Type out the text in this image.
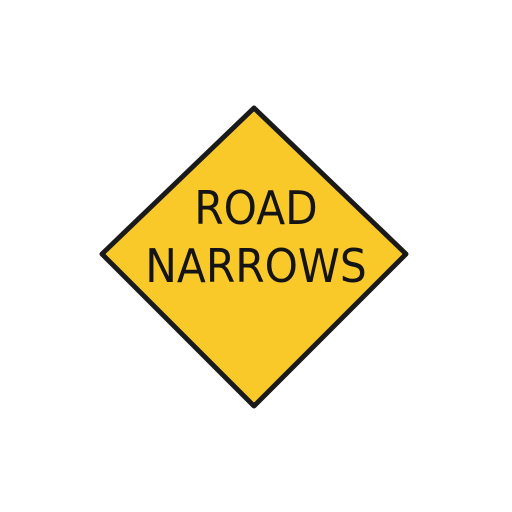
ROAD
NARROWS
